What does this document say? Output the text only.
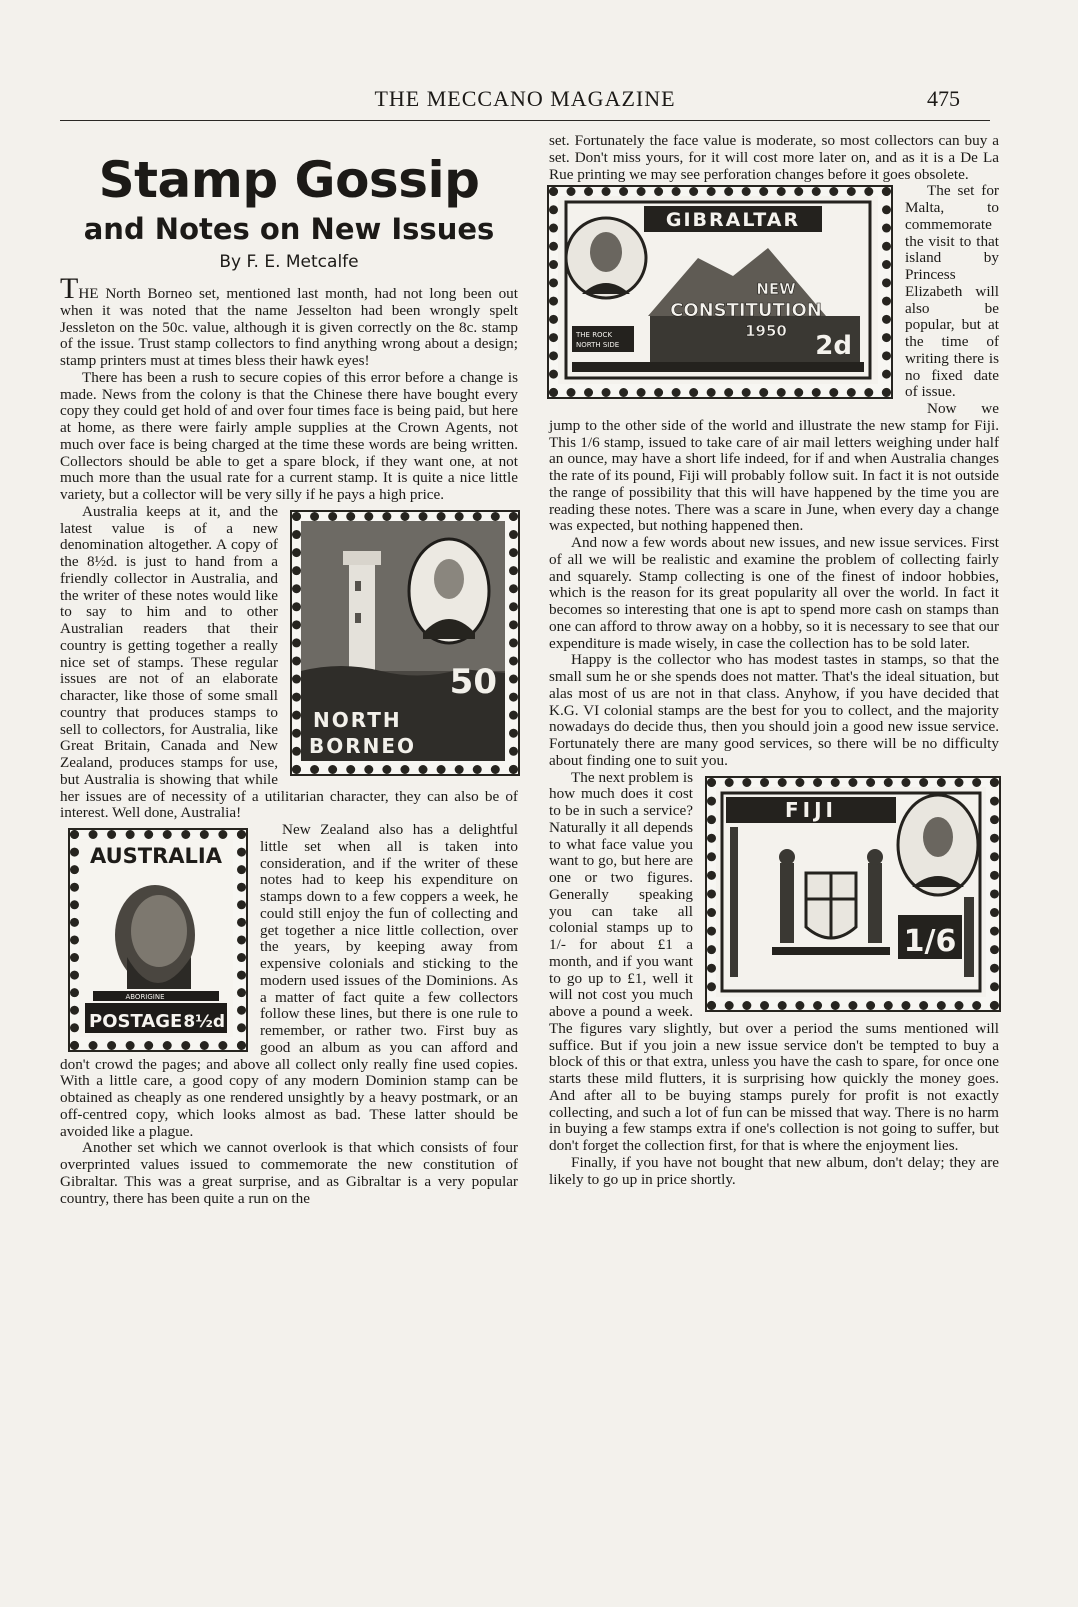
THE MECCANO MAGAZINE	475
Stamp Gossip
and Notes on New Issues
By F. E. Metcalfe

THE North Borneo set, mentioned last month, had not long been out when it was noted that the name Jesselton had been wrongly spelt Jessleton on the 50c. value, although it is given correctly on the 8c. stamp of the issue. Trust stamp collectors to find anything wrong about a design; stamp printers must at times bless their hawk eyes!

There has been a rush to secure copies of this error before a change is made. News from the colony is that the Chinese there have bought every copy they could get hold of and over four times face is being paid, but here at home, as there were fairly ample supplies at the Crown Agents, not much over face is being charged at the time these words are being written. Collectors should be able to get a spare block, if they want one, at not much more than the usual rate for a current stamp. It is quite a nice little variety, but a collector will be very silly if he pays a high price.

50
NORTH
BORNEO

Australia keeps at it, and the latest value is of a new denomination altogether. A copy of the 8½d. is just to hand from a friendly collector in Australia, and the writer of these notes would like to say to him and to other Australian readers that their country is getting together a really nice set of stamps. These regular issues are not of an elaborate character, like those of some small country that produces stamps to sell to collectors, for Australia, like Great Britain, Canada and New Zealand, produces stamps for use, but Australia is showing that while her issues are of necessity of a utilitarian character, they can also be of interest. Well done, Australia!

AUSTRALIA
ABORIGINE
POSTAGE 8½d

New Zealand also has a delightful little set when all is taken into consideration, and if the writer of these notes had to keep his expenditure on stamps down to a few coppers a week, he could still enjoy the fun of collecting and get together a nice little collection, over the years, by keeping away from expensive colonials and sticking to the modern used issues of the Dominions. As a matter of fact quite a few collectors follow these lines, but there is one rule to remember, or rather two. First buy as good an album as you can afford and don't crowd the pages; and above all collect only really fine used copies. With a little care, a good copy of any modern Dominion stamp can be obtained as cheaply as one rendered unsightly by a heavy postmark, or an off-centred copy, which looks almost as bad. These latter should be avoided like a plague.

Another set which we cannot overlook is that which consists of four overprinted values issued to commemorate the new constitution of Gibraltar. This was a great surprise, and as Gibraltar is a very popular country, there has been quite a run on the

set. Fortunately the face value is moderate, so most collectors can buy a set. Don't miss yours, for it will cost more later on, and as it is a De La Rue printing we may see perforation changes before it goes obsolete.

GIBRALTAR
NEW
CONSTITUTION
1950 2d
THE ROCK
NORTH SIDE

The set for Malta, to commemorate the visit to that island by Princess Elizabeth will also be popular, but at the time of writing there is no fixed date of issue.

Now we jump to the other side of the world and illustrate the new stamp for Fiji. This 1/6 stamp, issued to take care of air mail letters weighing under half an ounce, may have a short life indeed, for if and when Australia changes the rate of its pound, Fiji will probably follow suit. In fact it is not outside the range of possibility that this will have happened by the time you are reading these notes. There was a scare in June, when every day a change was expected, but nothing happened then.

And now a few words about new issues, and new issue services. First of all we will be realistic and examine the problem of collecting fairly and squarely. Stamp collecting is one of the finest of indoor hobbies, which is the reason for its great popularity all over the world. In fact it becomes so interesting that one is apt to spend more cash on stamps than one can afford to throw away on a hobby, so it is necessary to see that our expenditure is made wisely, in case the collection has to be sold later.

Happy is the collector who has modest tastes in stamps, so that the small sum he or she spends does not matter. That's the ideal situation, but alas most of us are not in that class. Anyhow, if you have decided that K.G. VI colonial stamps are the best for you to collect, and the majority nowadays do decide thus, then you should join a good new issue service. Fortunately there are many good services, so there will be no difficulty about finding one to suit you.

FIJI
1/6

The next problem is how much does it cost to be in such a service? Naturally it all depends to what face value you want to go, but here are one or two figures. Generally speaking you can take all colonial stamps up to 1/- for about £1 a month, and if you want to go up to £1, well it will not cost you much above a pound a week. The figures vary slightly, but over a period the sums mentioned will suffice. But if you join a new issue service don't be tempted to buy a block of this or that extra, unless you have the cash to spare, for once one starts these mild flutters, it is surprising how quickly the money goes. And after all to be buying stamps purely for profit is not exactly collecting, and such a lot of fun can be missed that way. There is no harm in buying a few stamps extra if one's collection is not going to suffer, but don't forget the collection first, for that is where the enjoyment lies.

Finally, if you have not bought that new album, don't delay; they are likely to go up in price shortly.
